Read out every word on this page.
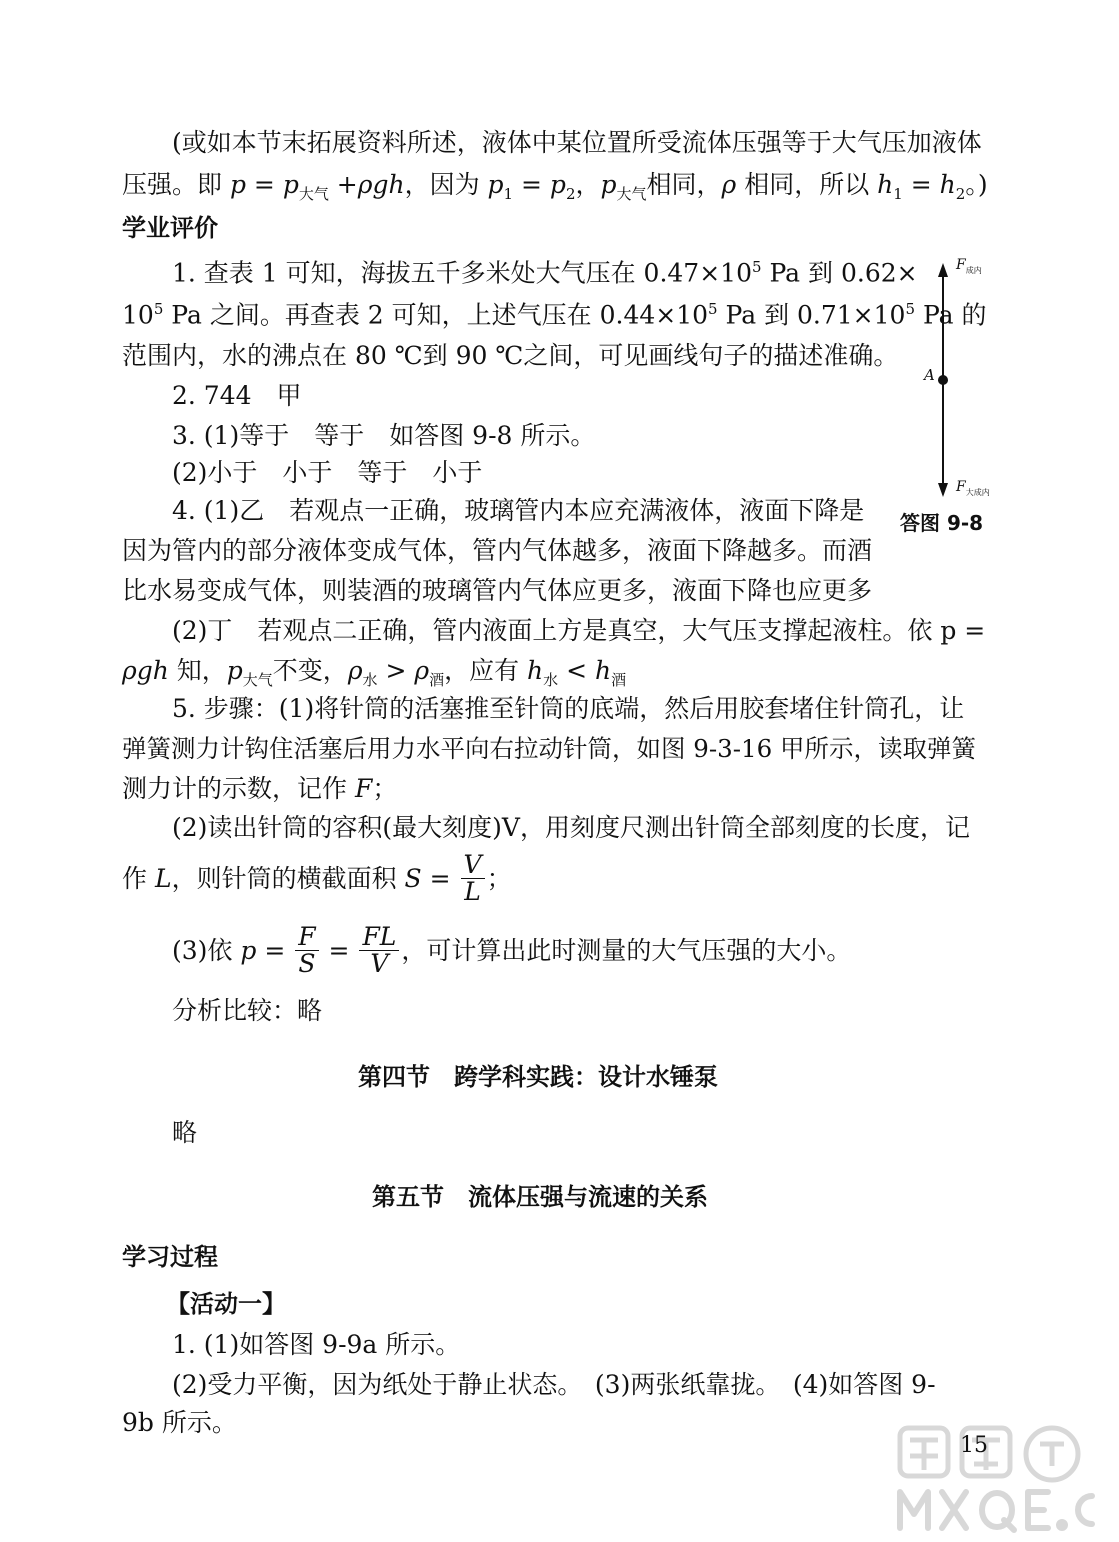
(或如本节末拓展资料所述，液体中某位置所受流体压强等于大气压加液体
压强。即 $p = p_{大气} +\rho gh$，因为 $p_1 = p_2$，$p_{大气}$相同，ρ 相同，所以 $h_1 = h_2$。)
学业评价
1. 查表 1 可知，海拔五千多米处大气压在 $0.47\times 10^5$ Pa 到 0.62×
$10^5$ Pa 之间。再查表 2 可知，上述气压在 $0.44\times 10^5$ Pa 到 $0.71\times 10^5$ Pa 的
范围内，水的沸点在 80 ℃到 90 ℃之间，可见画线句子的描述准确。
2. 744　甲
3. (1)等于　等于　如答图 9-8 所示。
(2)小于　小于　等于　小于
4. (1)乙　若观点一正确，玻璃管内本应充满液体，液面下降是
因为管内的部分液体变成气体，管内气体越多，液面下降越多。而酒
比水易变成气体，则装酒的玻璃管内气体应更多，液面下降也应更多
(2)丁　若观点二正确，管内液面上方是真空，大气压支撑起液柱。依 p =
ρgh 知，$p_{大气}$不变，$\rho_水 > \rho_酒$，应有 $h_水 < h_酒$
5. 步骤：(1)将针筒的活塞推至针筒的底端，然后用胶套堵住针筒孔，让
弹簧测力计钩住活塞后用力水平向右拉动针筒，如图 9-3-16 甲所示，读取弹簧
测力计的示数，记作 F；
(2)读出针筒的容积(最大刻度)V，用刻度尺测出针筒全部刻度的长度，记
作 L，则针筒的横截面积 $S = \frac{V}{L}$ ；
(3)依 $p = \frac{F}{S} = \frac{FL}{V}$ ，可计算出此时测量的大气压强的大小。
分析比较：略
第四节　跨学科实践：设计水锤泵
略
第五节　流体压强与流速的关系
学习过程
【活动一】
1. (1)如答图 9-9a 所示。
(2)受力平衡，因为纸处于静止状态。　(3)两张纸靠拢。　(4)如答图 9-
9b 所示。
$F_{成内}$
A
$F_{大成内}$
答图 9-8
15
